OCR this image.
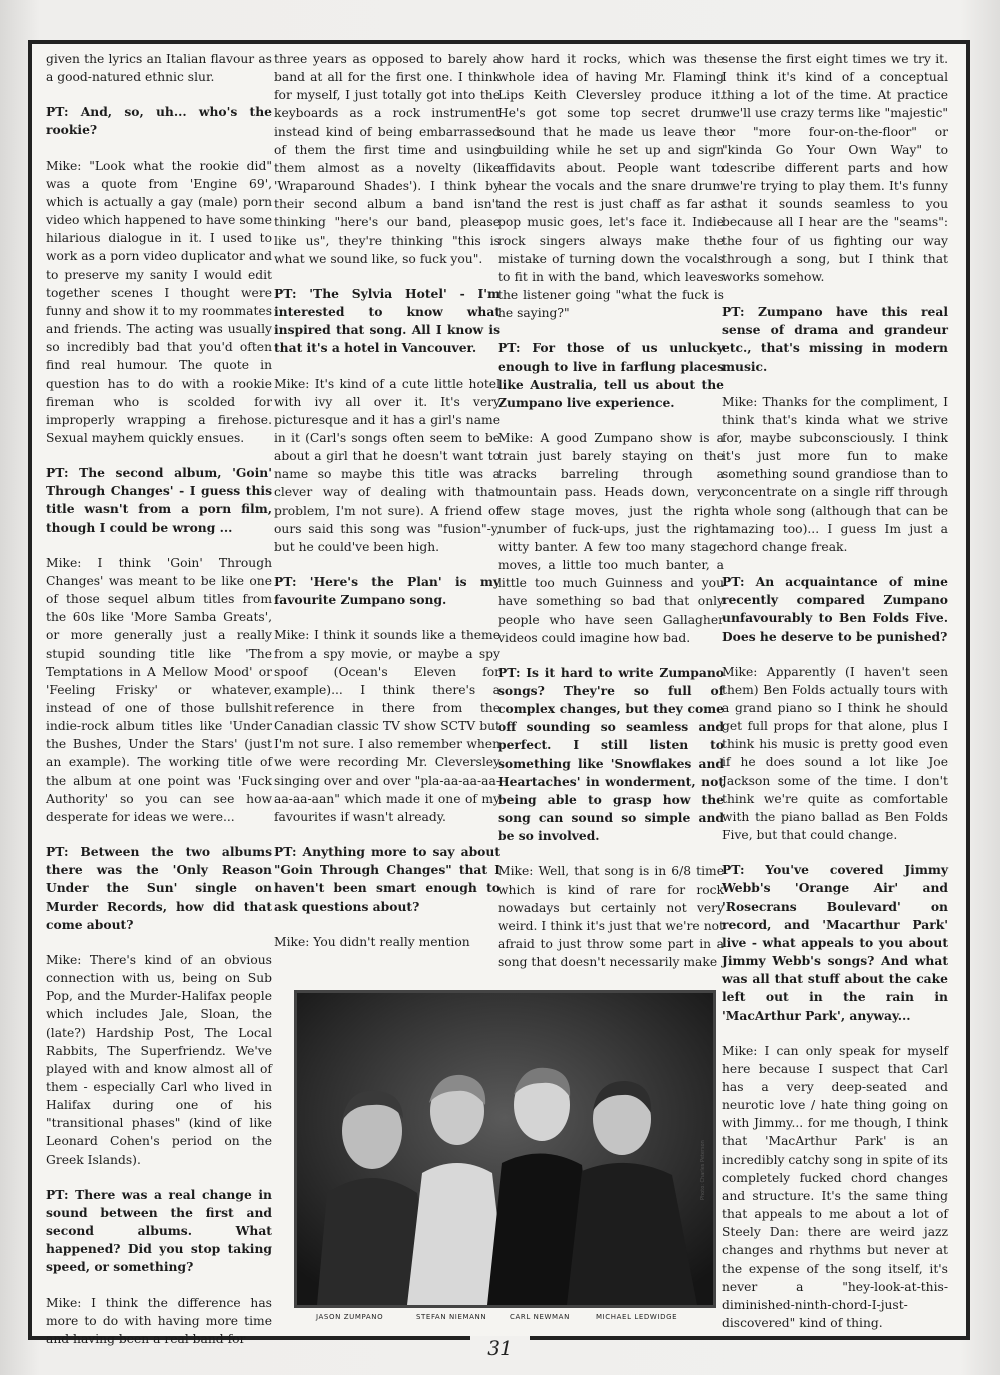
given the lyrics an Italian flavour as a good-natured ethnic slur.

PT: And, so, uh... who's the rookie?

Mike: "Look what the rookie did" was a quote from 'Engine 69', which is actually a gay (male) porn video which happened to have some hilarious dialogue in it. I used to work as a porn video duplicator and to preserve my sanity I would edit together scenes I thought were funny and show it to my roommates and friends. The acting was usually so incredibly bad that you'd often find real humour. The quote in question has to do with a rookie fireman who is scolded for improperly wrapping a firehose. Sexual mayhem quickly ensues.

PT: The second album, 'Goin' Through Changes' - I guess this title wasn't from a porn film, though I could be wrong ...

Mike: I think 'Goin' Through Changes' was meant to be like one of those sequel album titles from the 60s like 'More Samba Greats', or more generally just a really stupid sounding title like 'The Temptations in A Mellow Mood' or 'Feeling Frisky' or whatever, instead of one of those bullshit indie-rock album titles like 'Under the Bushes, Under the Stars' (just an example). The working title of the album at one point was 'Fuck Authority' so you can see how desperate for ideas we were...

PT: Between the two albums there was the 'Only Reason Under the Sun' single on Murder Records, how did that come about?

Mike: There's kind of an obvious connection with us, being on Sub Pop, and the Murder-Halifax people which includes Jale, Sloan, the (late?) Hardship Post, The Local Rabbits, The Superfriendz. We've played with and know almost all of them - especially Carl who lived in Halifax during one of his "transitional phases" (kind of like Leonard Cohen's period on the Greek Islands).

PT: There was a real change in sound between the first and second albums. What happened? Did you stop taking speed, or something?

Mike: I think the difference has more to do with having more time and having been a real band for

three years as opposed to barely a band at all for the first one. I think for myself, I just totally got into the keyboards as a rock instrument instead kind of being embarrassed of them the first time and using them almost as a novelty (like 'Wraparound Shades'). I think by their second album a band isn't thinking "here's our band, please like us", they're thinking "this is what we sound like, so fuck you".

PT: 'The Sylvia Hotel' - I'm interested to know what inspired that song. All I know is that it's a hotel in Vancouver.

Mike: It's kind of a cute little hotel with ivy all over it. It's very picturesque and it has a girl's name in it (Carl's songs often seem to be about a girl that he doesn't want to name so maybe this title was a clever way of dealing with that problem, I'm not sure). A friend of ours said this song was "fusion"-y, but he could've been high.

PT: 'Here's the Plan' is my favourite Zumpano song.

Mike: I think it sounds like a theme from a spy movie, or maybe a spy spoof (Ocean's Eleven for example)... I think there's a reference in there from the Canadian classic TV show SCTV but I'm not sure. I also remember when we were recording Mr. Cleversley singing over and over "pla-aa-aa-aa-aa-aa-aan" which made it one of my favourites if wasn't already.

PT: Anything more to say about "Goin Through Changes" that I haven't been smart enough to ask questions about?

Mike: You didn't really mention

how hard it rocks, which was the whole idea of having Mr. Flaming Lips Keith Cleversley produce it. He's got some top secret drum sound that he made us leave the building while he set up and sign affidavits about. People want to hear the vocals and the snare drum and the rest is just chaff as far as pop music goes, let's face it. Indie rock singers always make the mistake of turning down the vocals to fit in with the band, which leaves the listener going "what the fuck is he saying?"

PT: For those of us unlucky enough to live in farflung places like Australia, tell us about the Zumpano live experience.

Mike: A good Zumpano show is a train just barely staying on the tracks barreling through a mountain pass. Heads down, very few stage moves, just the right number of fuck-ups, just the right witty banter. A few too many stage moves, a little too much banter, a little too much Guinness and you have something so bad that only people who have seen Gallagher videos could imagine how bad.

PT: Is it hard to write Zumpano songs? They're so full of complex changes, but they come off sounding so seamless and perfect. I still listen to something like 'Snowflakes and Heartaches' in wonderment, not being able to grasp how the song can sound so simple and be so involved.

Mike: Well, that song is in 6/8 time which is kind of rare for rock nowadays but certainly not very weird. I think it's just that we're not afraid to just throw some part in a song that doesn't necessarily make

sense the first eight times we try it. I think it's kind of a conceptual thing a lot of the time. At practice we'll use crazy terms like "majestic" or "more four-on-the-floor" or "kinda Go Your Own Way" to describe different parts and how we're trying to play them. It's funny that it sounds seamless to you because all I hear are the "seams": the four of us fighting our way through a song, but I think that works somehow.

PT: Zumpano have this real sense of drama and grandeur etc., that's missing in modern music.

Mike: Thanks for the compliment, I think that's kinda what we strive for, maybe subconsciously. I think it's just more fun to make something sound grandiose than to concentrate on a single riff through a whole song (although that can be amazing too)... I guess Im just a chord change freak.

PT: An acquaintance of mine recently compared Zumpano unfavourably to Ben Folds Five. Does he deserve to be punished?

Mike: Apparently (I haven't seen them) Ben Folds actually tours with a grand piano so I think he should get full props for that alone, plus I think his music is pretty good even if he does sound a lot like Joe Jackson some of the time. I don't think we're quite as comfortable with the piano ballad as Ben Folds Five, but that could change.

PT: You've covered Jimmy Webb's 'Orange Air' and 'Rosecrans Boulevard' on record, and 'Macarthur Park' live - what appeals to you about Jimmy Webb's songs? And what was all that stuff about the cake left out in the rain in 'MacArthur Park', anyway...

Mike: I can only speak for myself here because I suspect that Carl has a very deep-seated and neurotic love / hate thing going on with Jimmy... for me though, I think that 'MacArthur Park' is an incredibly catchy song in spite of its completely fucked chord changes and structure. It's the same thing that appeals to me about a lot of Steely Dan: there are weird jazz changes and rhythms but never at the expense of the song itself, it's never a "hey-look-at-this-diminished-ninth-chord-I-just-discovered" kind of thing.

Photo: Charles Peterson
JASON ZUMPANO	STEFAN NIEMANN	CARL NEWMAN	MICHAEL LEDWIDGE
31
